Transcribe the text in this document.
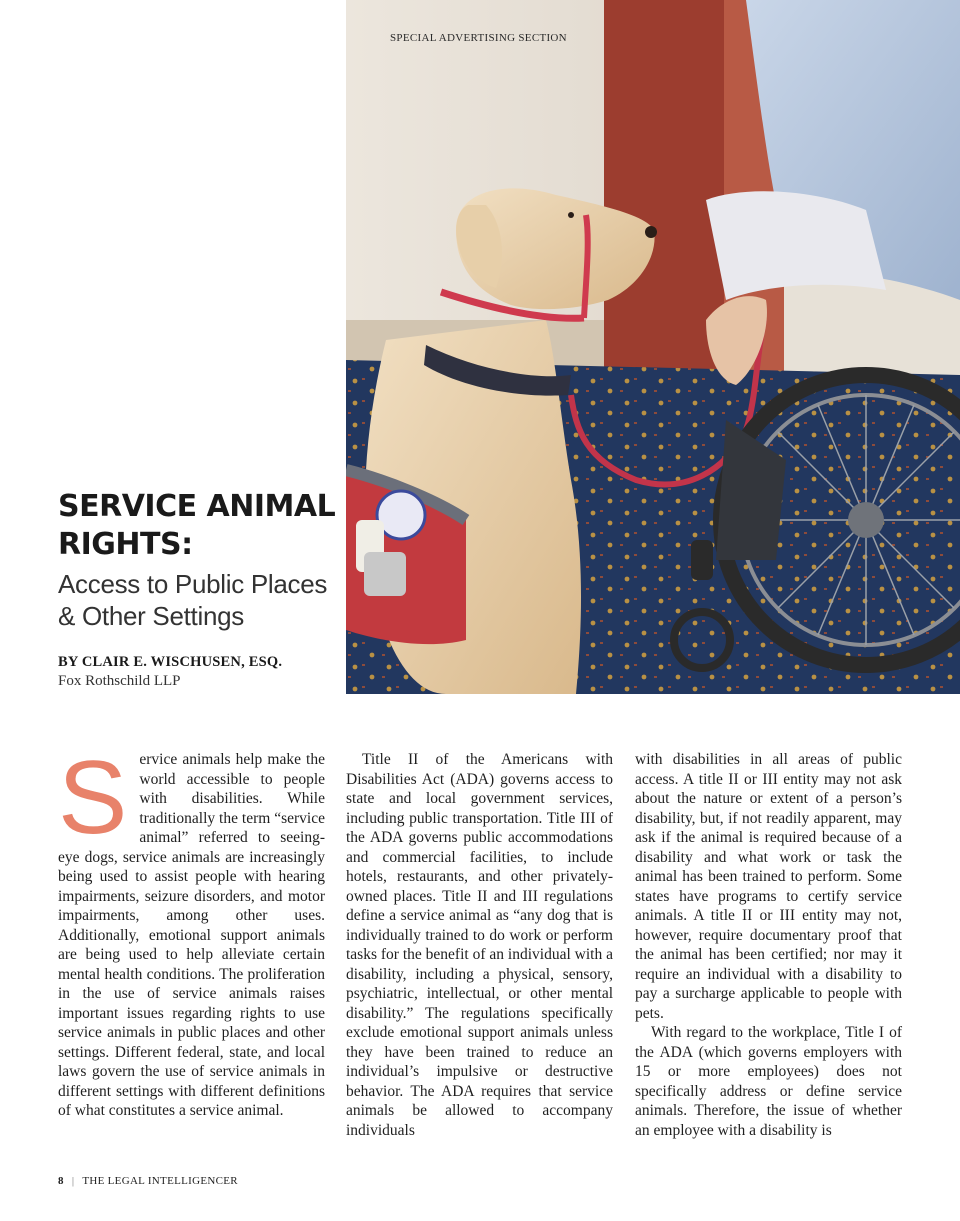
SPECIAL ADVERTISING SECTION
SERVICE ANIMAL RIGHTS:
Access to Public Places & Other Settings
BY CLAIR E. WISCHUSEN, ESQ.
Fox Rothschild LLP
S ervice animals help make the world accessible to people with disabilities. While traditionally the term “service animal” referred to seeing-eye dogs, service animals are increasingly being used to assist people with hearing impairments, seizure disorders, and motor impairments, among other uses. Additionally, emotional support animals are being used to help alleviate certain mental health conditions. The proliferation in the use of service animals raises important issues regarding rights to use service animals in public places and other settings. Different federal, state, and local laws govern the use of service animals in different settings with different definitions of what constitutes a service animal.

Title II of the Americans with Disabilities Act (ADA) governs access to state and local government services, including public transportation. Title III of the ADA governs public accommodations and commercial facilities, to include hotels, restaurants, and other privately-owned places. Title II and III regulations define a service animal as “any dog that is individually trained to do work or perform tasks for the benefit of an individual with a disability, including a physical, sensory, psychiatric, intellectual, or other mental disability.” The regulations specifically exclude emotional support animals unless they have been trained to reduce an individual’s impulsive or destructive behavior. The ADA requires that service animals be allowed to accompany individuals

with disabilities in all areas of public access. A title II or III entity may not ask about the nature or extent of a person’s disability, but, if not readily apparent, may ask if the animal is required because of a disability and what work or task the animal has been trained to perform. Some states have programs to certify service animals. A title II or III entity may not, however, require documentary proof that the animal has been certified; nor may it require an individual with a disability to pay a surcharge applicable to people with pets.

With regard to the workplace, Title I of the ADA (which governs employers with 15 or more employees) does not specifically address or define service animals. Therefore, the issue of whether an employee with a disability is

8 | THE LEGAL INTELLIGENCER
